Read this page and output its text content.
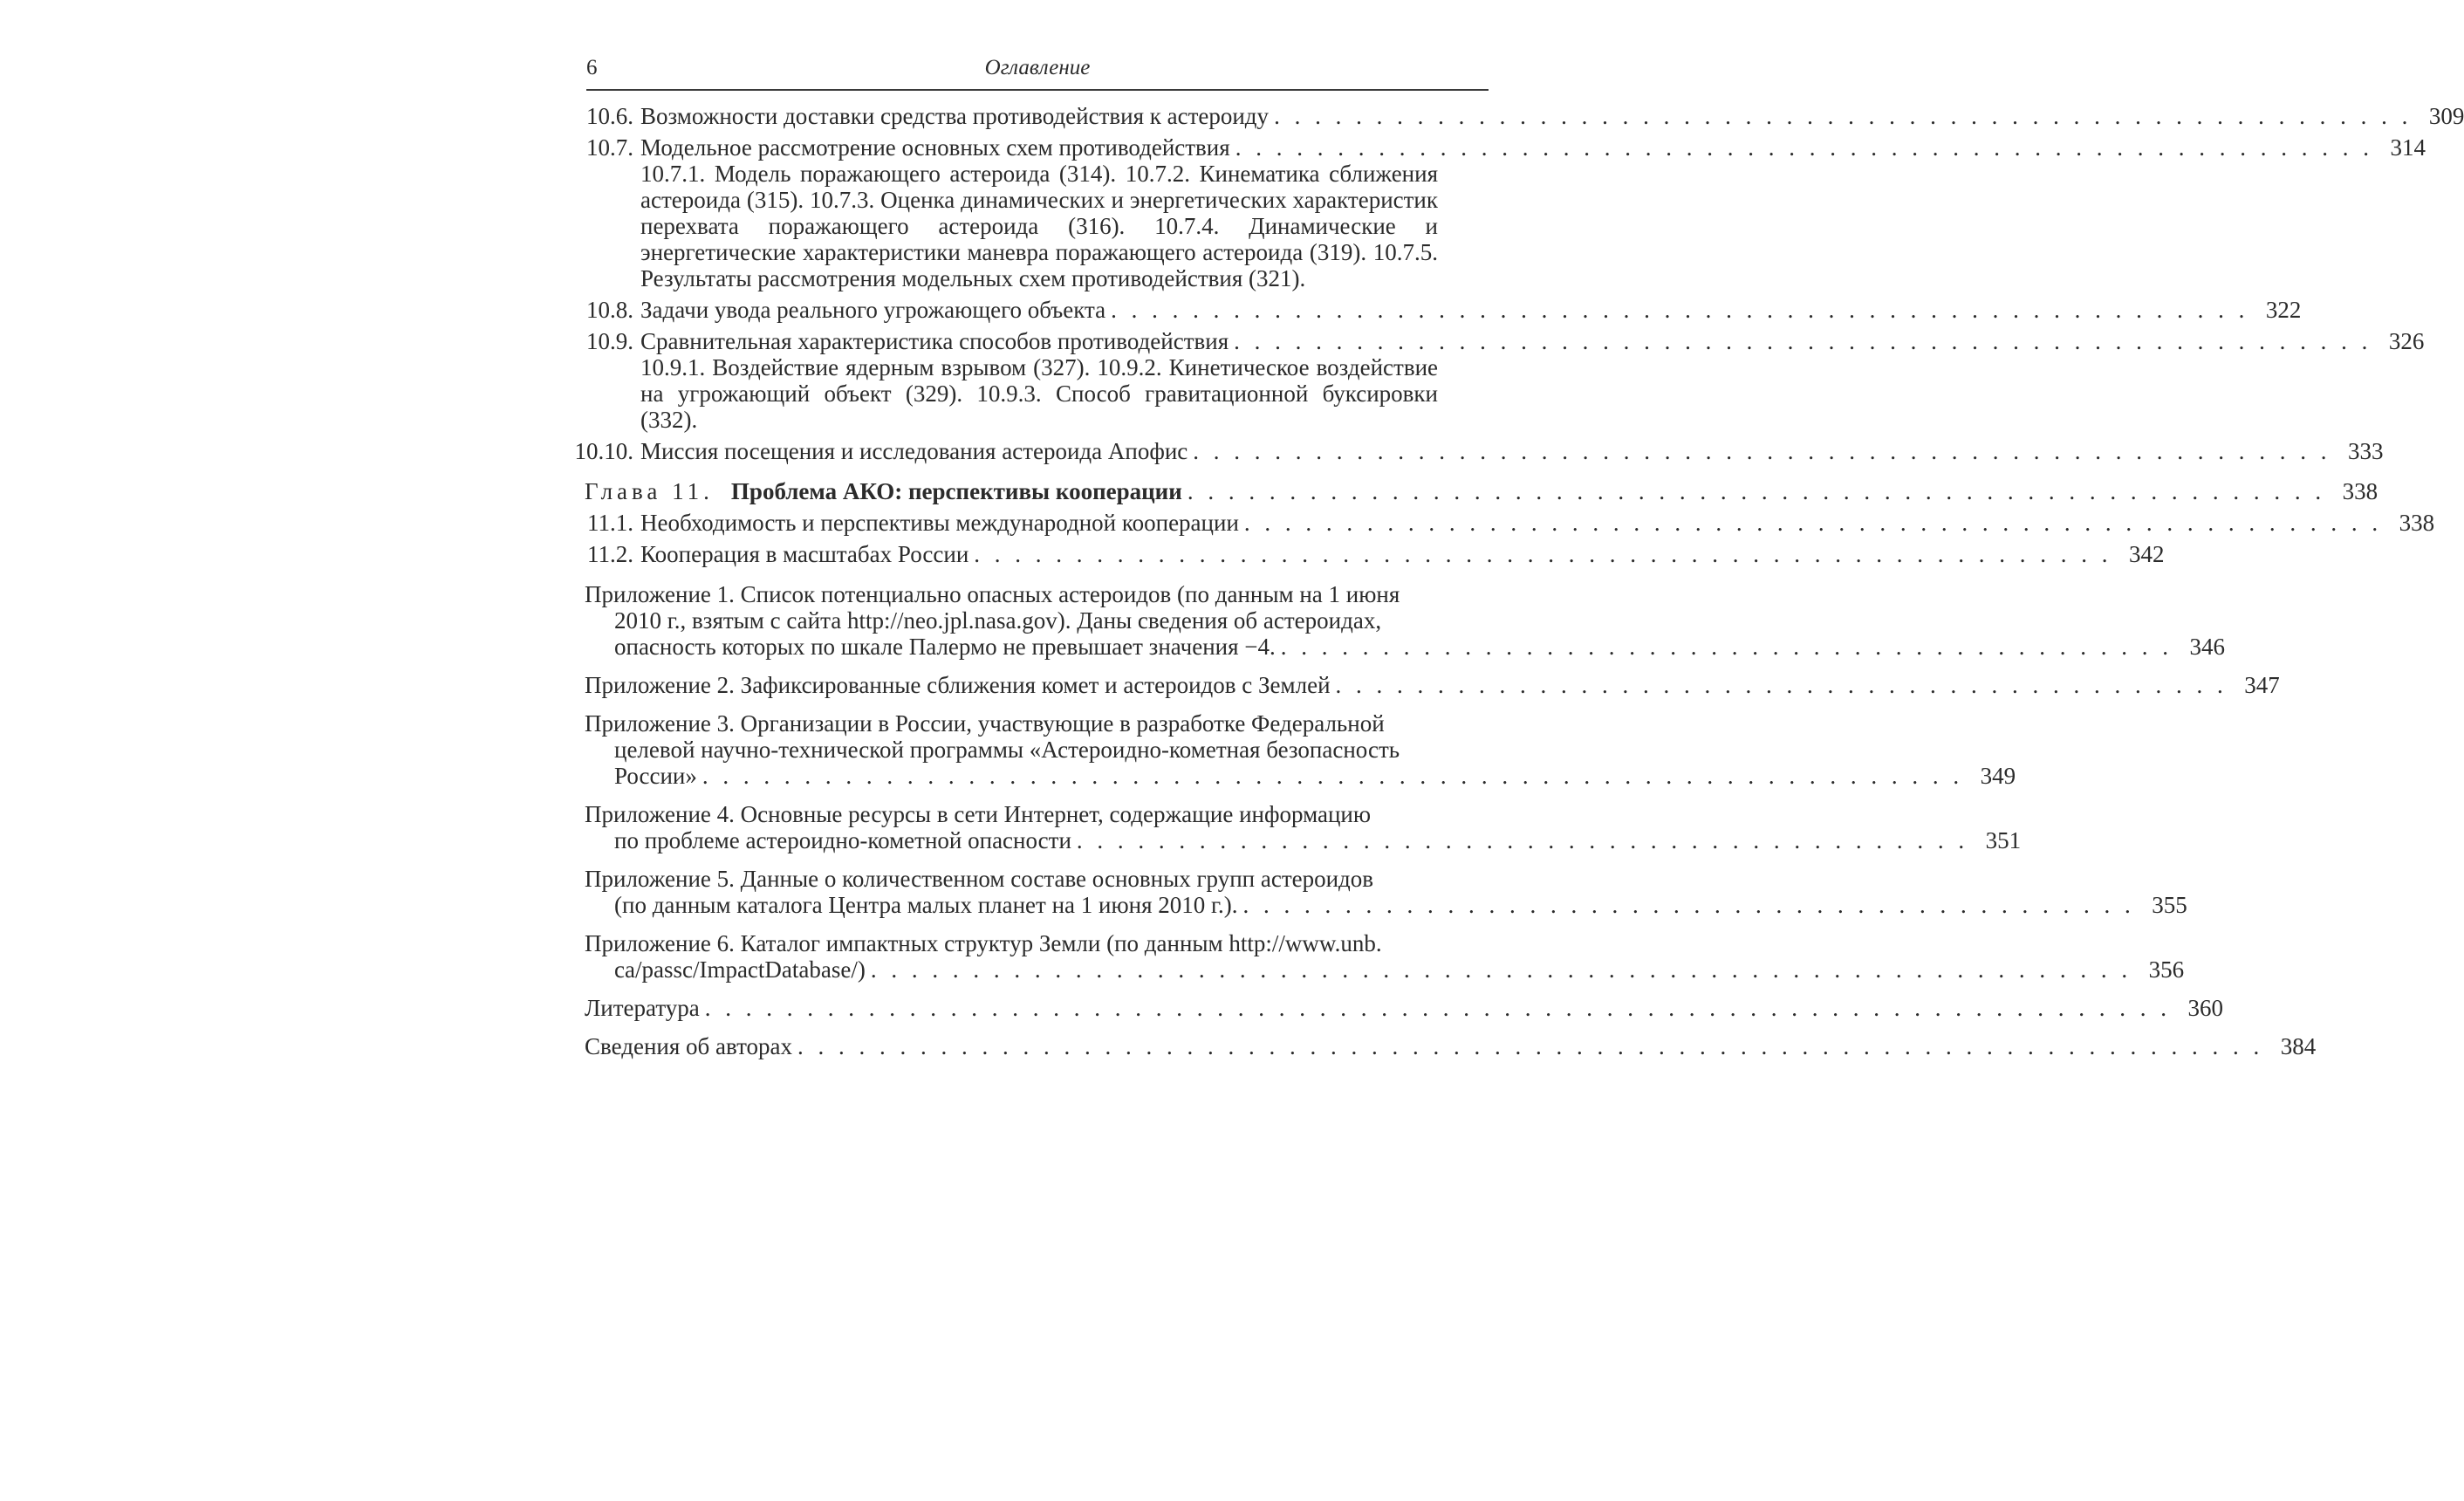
6	Оглавление
10.6. Возможности доставки средства противодействия к астероиду . . . . . . . . . . . . . . . . . . . . . . . . . . . . . . . . . . . . . . . . . . . . . . . . . . . . . . . . 309
10.7. Модельное рассмотрение основных схем противодействия . . . . . . . . . . . . . . . . . . . . . . . . . . . . . . . . . . . . . . . . . . . . . . . . . . . . . . . . 314
10.7.1. Модель поражающего астероида (314). 10.7.2. Кинематика сближения астероида (315). 10.7.3. Оценка динамических и энергетических характеристик перехвата поражающего астероида (316). 10.7.4. Динамические и энергетические характеристики маневра поражающего астероида (319). 10.7.5. Результаты рассмотрения модельных схем противодействия (321).
10.8. Задачи увода реального угрожающего объекта . . . . . . . . . . . . . . . . . . . . . . . . . . . . . . . . . . . . . . . . . . . . . . . . . . . . . . . . 322
10.9. Сравнительная характеристика способов противодействия . . . . . . . . . . . . . . . . . . . . . . . . . . . . . . . . . . . . . . . . . . . . . . . . . . . . . . . . 326
10.9.1. Воздействие ядерным взрывом (327). 10.9.2. Кинетическое воздействие на угрожающий объект (329). 10.9.3. Способ гравитационной буксировки (332).
10.10. Миссия посещения и исследования астероида Апофис . . . . . . . . . . . . . . . . . . . . . . . . . . . . . . . . . . . . . . . . . . . . . . . . . . . . . . . . 333
Глава 11. Проблема АКО: перспективы кооперации . . . . . . . . . . . . . . . . . . . . . . . . . . . . . . . . . . . . . . . . . . . . . . . . . . . . . . . . 338
11.1. Необходимость и перспективы международной кооперации . . . . . . . . . . . . . . . . . . . . . . . . . . . . . . . . . . . . . . . . . . . . . . . . . . . . . . . . 338
11.2. Кооперация в масштабах России . . . . . . . . . . . . . . . . . . . . . . . . . . . . . . . . . . . . . . . . . . . . . . . . . . . . . . . . 342
Приложение 1. Список потенциально опасных астероидов (по данным на 1 июня
2010 г., взятым с сайта http://neo.jpl.nasa.gov). Даны сведения об астероидах,
опасность которых по шкале Палермо не превышает значения −4. . . . . . . . . . . . . . . . . . . . . . . . . . . . . . . . . . . . . . . . . . . . . 346
Приложение 2. Зафиксированные сближения комет и астероидов с Землей . . . . . . . . . . . . . . . . . . . . . . . . . . . . . . . . . . . . . . . . . . . . 347
Приложение 3. Организации в России, участвующие в разработке Федеральной
целевой научно-технической программы «Астероидно-кометная безопасность
России» . . . . . . . . . . . . . . . . . . . . . . . . . . . . . . . . . . . . . . . . . . . . . . . . . . . . . . . . . . . . . . 349
Приложение 4. Основные ресурсы в сети Интернет, содержащие информацию
по проблеме астероидно-кометной опасности . . . . . . . . . . . . . . . . . . . . . . . . . . . . . . . . . . . . . . . . . . . . 351
Приложение 5. Данные о количественном составе основных групп астероидов
(по данным каталога Центра малых планет на 1 июня 2010 г.). . . . . . . . . . . . . . . . . . . . . . . . . . . . . . . . . . . . . . . . . . . . . 355
Приложение 6. Каталог импактных структур Земли (по данным http://www.unb.
ca/passc/ImpactDatabase/) . . . . . . . . . . . . . . . . . . . . . . . . . . . . . . . . . . . . . . . . . . . . . . . . . . . . . . . . . . . . . . 356
Литература . . . . . . . . . . . . . . . . . . . . . . . . . . . . . . . . . . . . . . . . . . . . . . . . . . . . . . . . . . . . . . . . . . . . . . . . 360
Сведения об авторах . . . . . . . . . . . . . . . . . . . . . . . . . . . . . . . . . . . . . . . . . . . . . . . . . . . . . . . . . . . . . . . . . . . . . . . . 384
